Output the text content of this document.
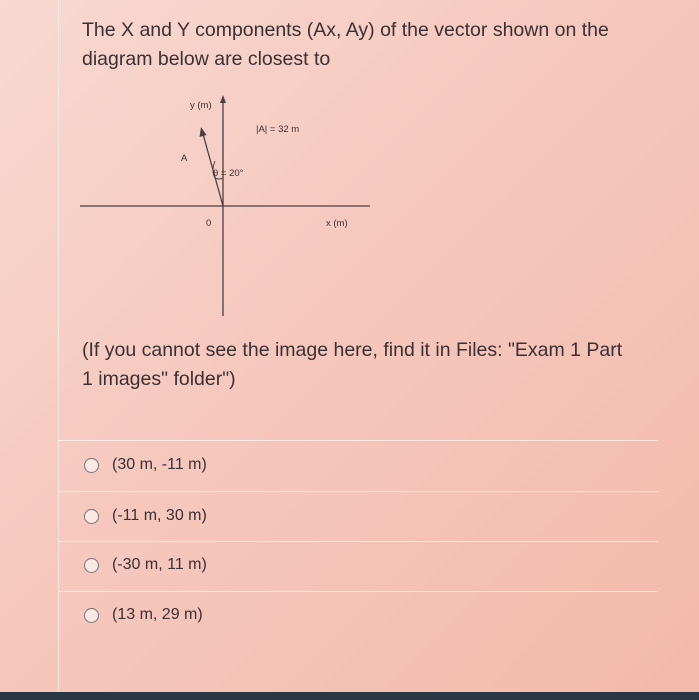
The X and Y components (Ax, Ay) of the vector shown on the
diagram below are closest to
y (m)
|A| = 32 m
A
θ = 20°
0	x (m)
(If you cannot see the image here, find it in Files: "Exam 1 Part
1 images" folder")
(30 m, -11 m)
(-11 m, 30 m)
(-30 m, 11 m)
(13 m, 29 m)
